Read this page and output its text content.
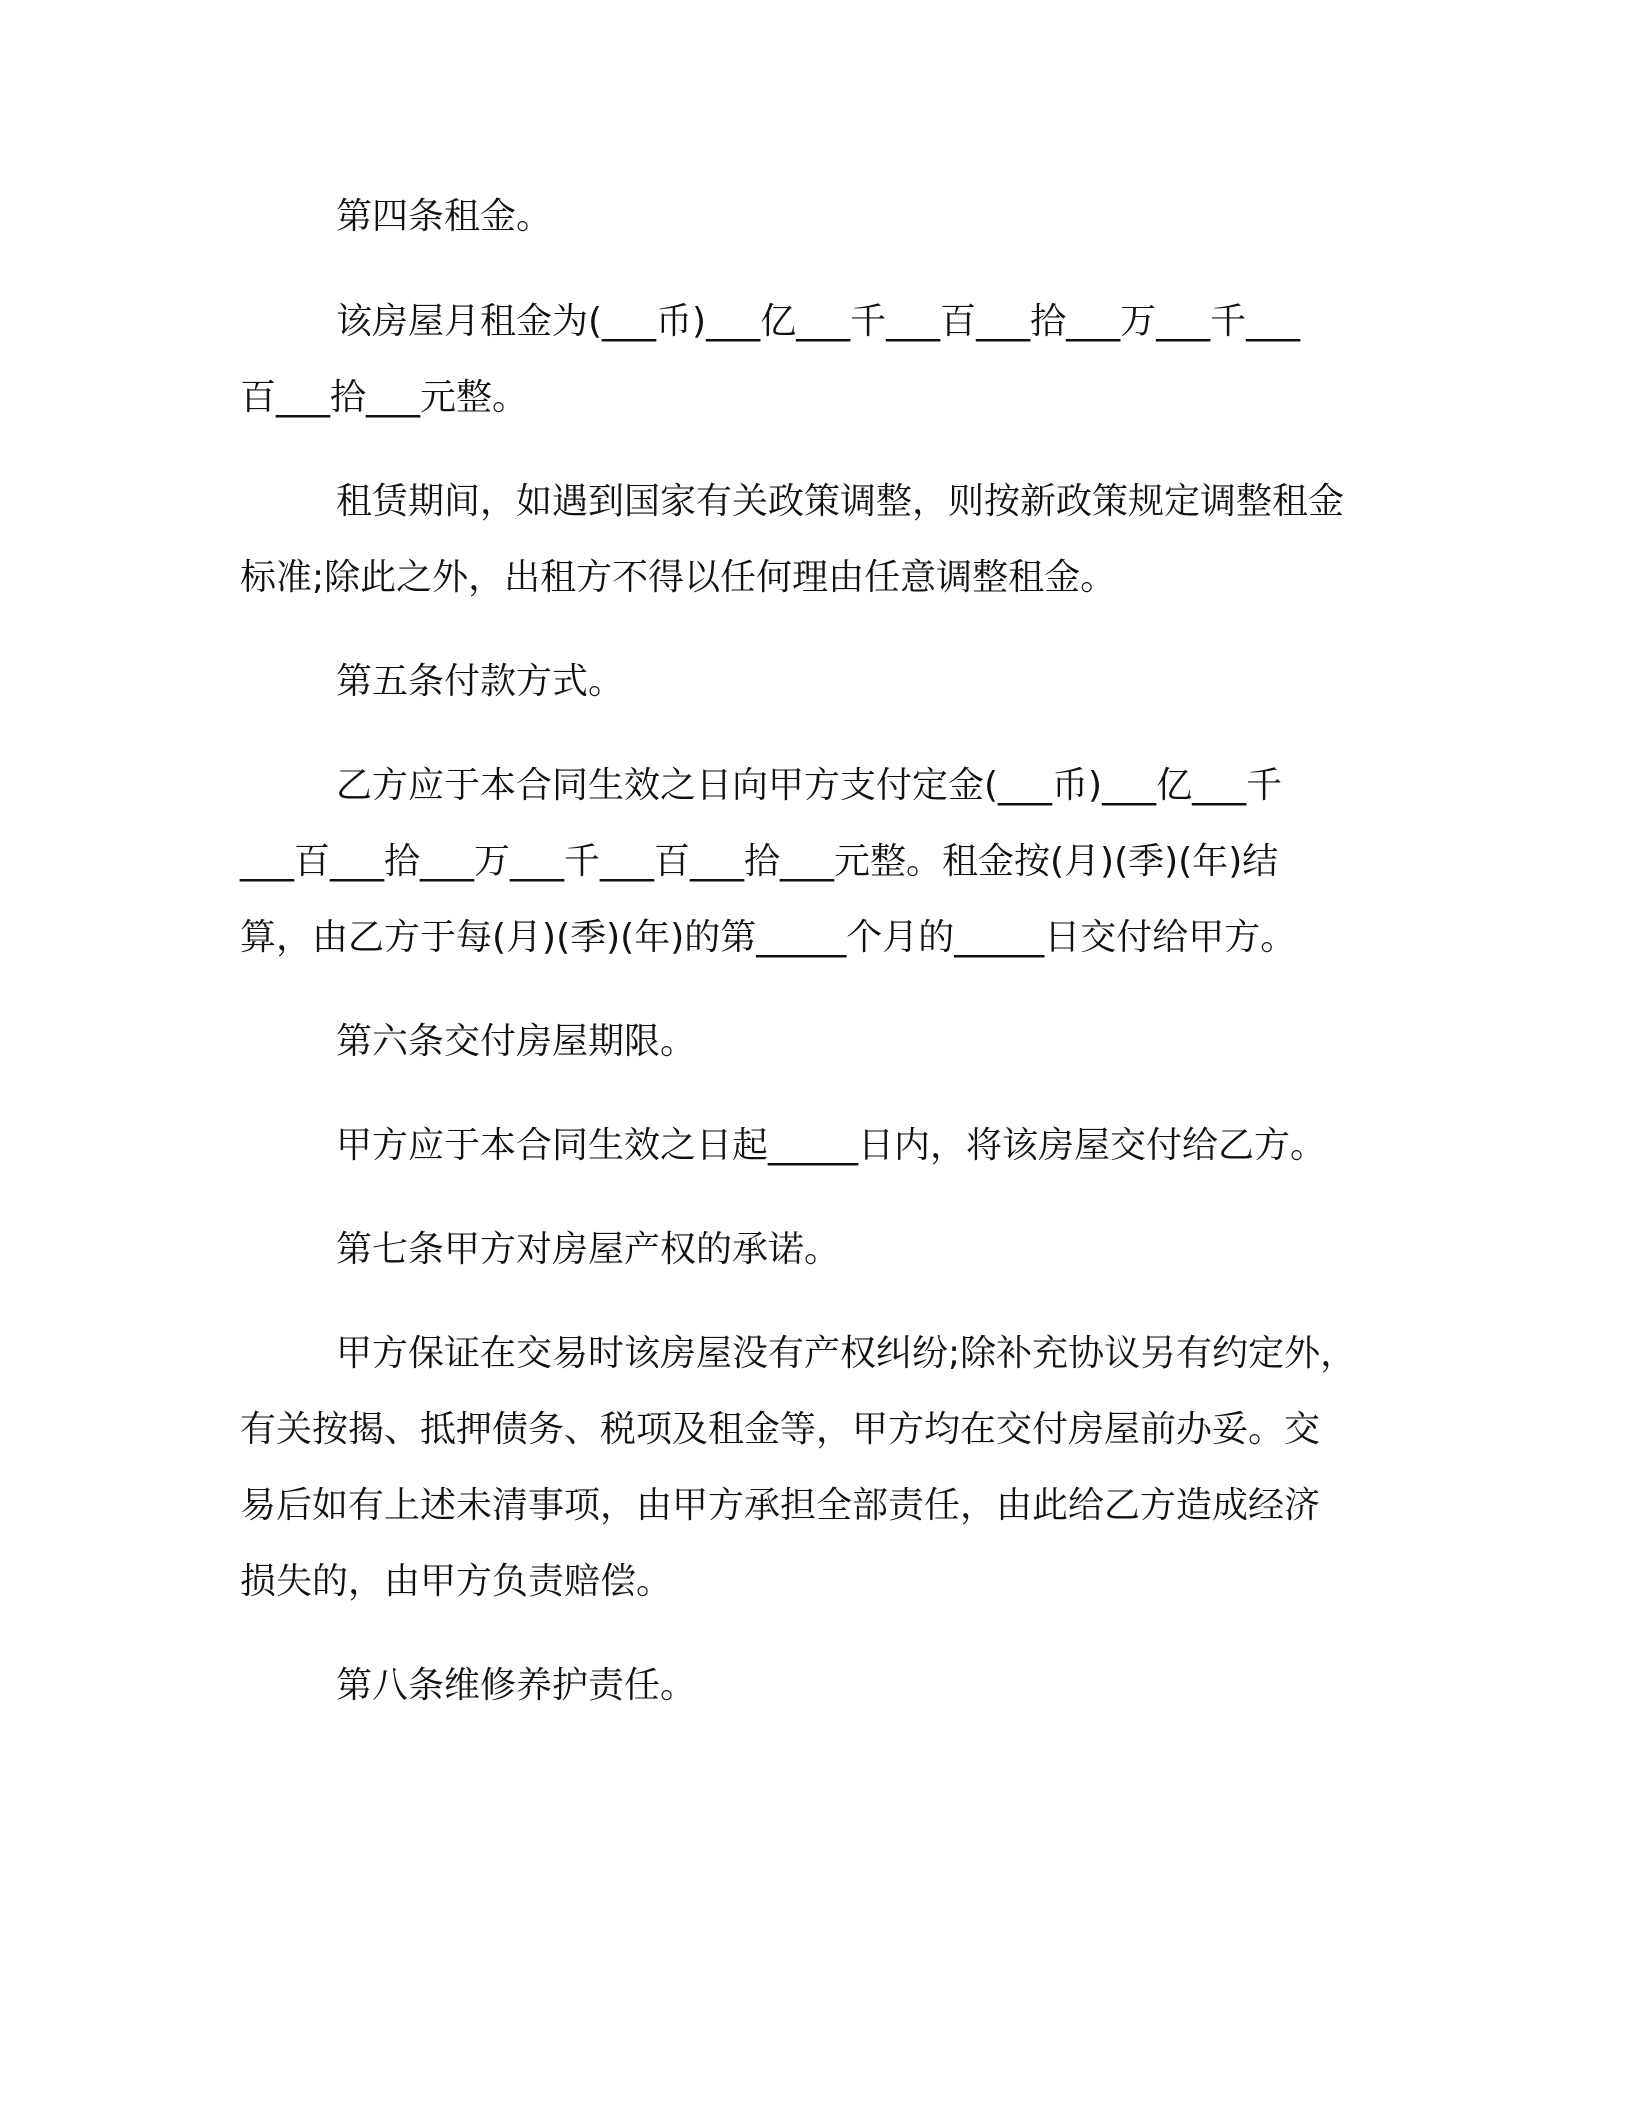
第四条租金。

该房屋月租金为(___币)___亿___千___百___拾___万___千___

百___拾___元整。

租赁期间，如遇到国家有关政策调整，则按新政策规定调整租金

标准;除此之外，出租方不得以任何理由任意调整租金。

第五条付款方式。

乙方应于本合同生效之日向甲方支付定金(___币)___亿___千

___百___拾___万___千___百___拾___元整。租金按(月)(季)(年)结

算，由乙方于每(月)(季)(年)的第_____个月的_____日交付给甲方。

第六条交付房屋期限。

甲方应于本合同生效之日起_____日内，将该房屋交付给乙方。

第七条甲方对房屋产权的承诺。

甲方保证在交易时该房屋没有产权纠纷;除补充协议另有约定外，

有关按揭、抵押债务、税项及租金等，甲方均在交付房屋前办妥。交

易后如有上述未清事项，由甲方承担全部责任，由此给乙方造成经济

损失的，由甲方负责赔偿。

第八条维修养护责任。
